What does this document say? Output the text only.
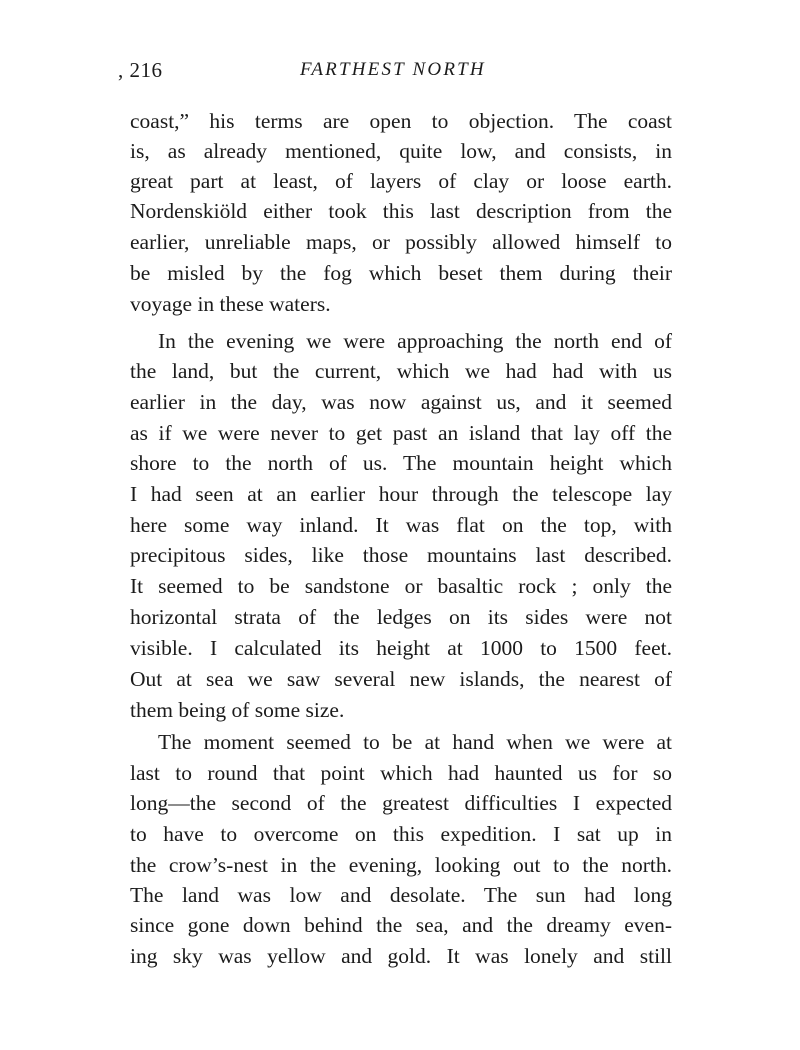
, 216	FARTHEST NORTH
coast,” his terms are open to objection. The coast
is, as already mentioned, quite low, and consists, in
great part at least, of layers of clay or loose earth.
Nordenskiöld either took this last description from the
earlier, unreliable maps, or possibly allowed himself to
be misled by the fog which beset them during their
voyage in these waters.
In the evening we were approaching the north end of
the land, but the current, which we had had with us
earlier in the day, was now against us, and it seemed
as if we were never to get past an island that lay off the
shore to the north of us. The mountain height which
I had seen at an earlier hour through the telescope lay
here some way inland. It was flat on the top, with
precipitous sides, like those mountains last described.
It seemed to be sandstone or basaltic rock ; only the
horizontal strata of the ledges on its sides were not
visible. I calculated its height at 1000 to 1500 feet.
Out at sea we saw several new islands, the nearest of
them being of some size.
The moment seemed to be at hand when we were at
last to round that point which had haunted us for so
long—the second of the greatest difficulties I expected
to have to overcome on this expedition. I sat up in
the crow’s-nest in the evening, looking out to the north.
The land was low and desolate. The sun had long
since gone down behind the sea, and the dreamy even-
ing sky was yellow and gold. It was lonely and still
